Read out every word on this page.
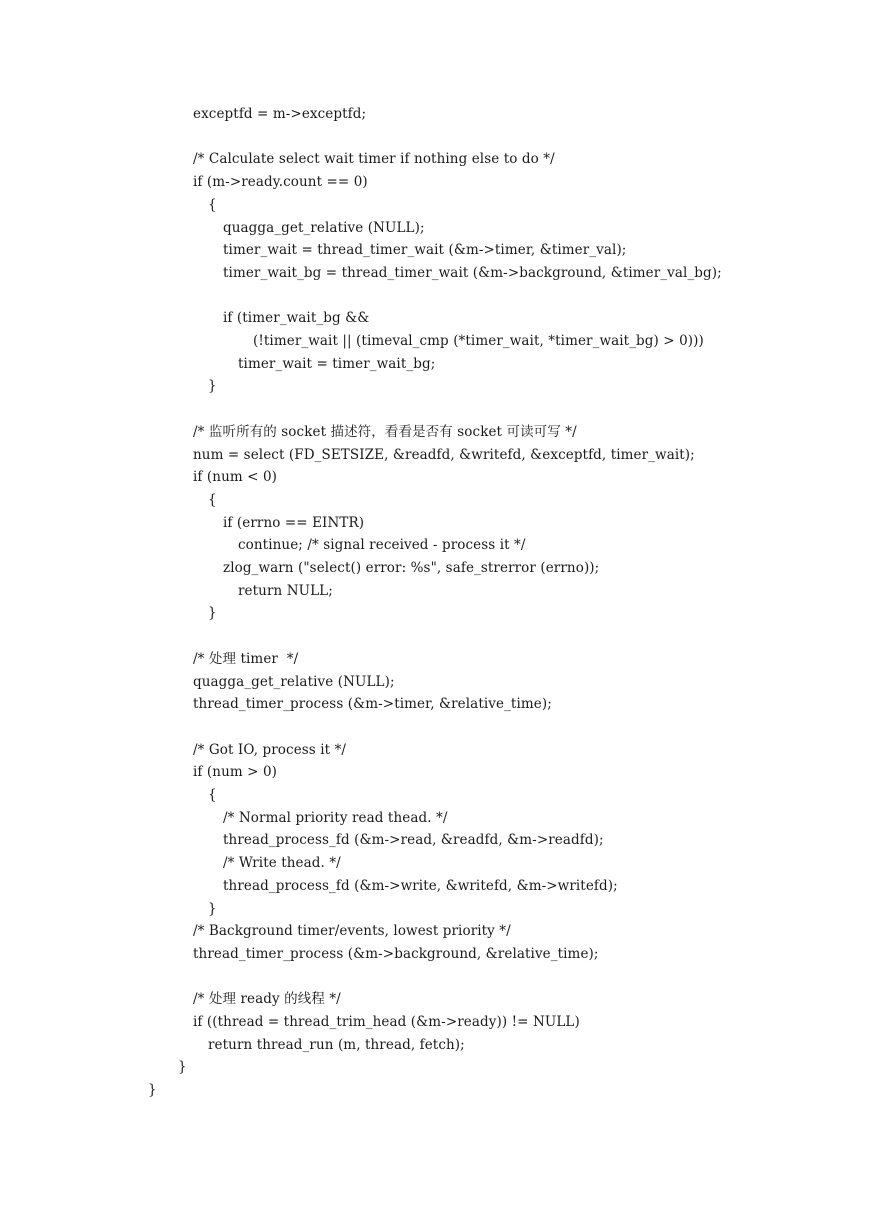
exceptfd = m->exceptfd;
/* Calculate select wait timer if nothing else to do */
if (m->ready.count == 0)
{
quagga_get_relative (NULL);
timer_wait = thread_timer_wait (&m->timer, &timer_val);
timer_wait_bg = thread_timer_wait (&m->background, &timer_val_bg);
if (timer_wait_bg &&
(!timer_wait || (timeval_cmp (*timer_wait, *timer_wait_bg) > 0)))
timer_wait = timer_wait_bg;
}
/* 监听所有的 socket 描述符，看看是否有 socket 可读可写 */
num = select (FD_SETSIZE, &readfd, &writefd, &exceptfd, timer_wait);
if (num < 0)
{
if (errno == EINTR)
continue; /* signal received - process it */
zlog_warn ("select() error: %s", safe_strerror (errno));
return NULL;
}
/* 处理 timer  */
quagga_get_relative (NULL);
thread_timer_process (&m->timer, &relative_time);
/* Got IO, process it */
if (num > 0)
{
/* Normal priority read thead. */
thread_process_fd (&m->read, &readfd, &m->readfd);
/* Write thead. */
thread_process_fd (&m->write, &writefd, &m->writefd);
}
/* Background timer/events, lowest priority */
thread_timer_process (&m->background, &relative_time);
/* 处理 ready 的线程 */
if ((thread = thread_trim_head (&m->ready)) != NULL)
return thread_run (m, thread, fetch);
}
}
